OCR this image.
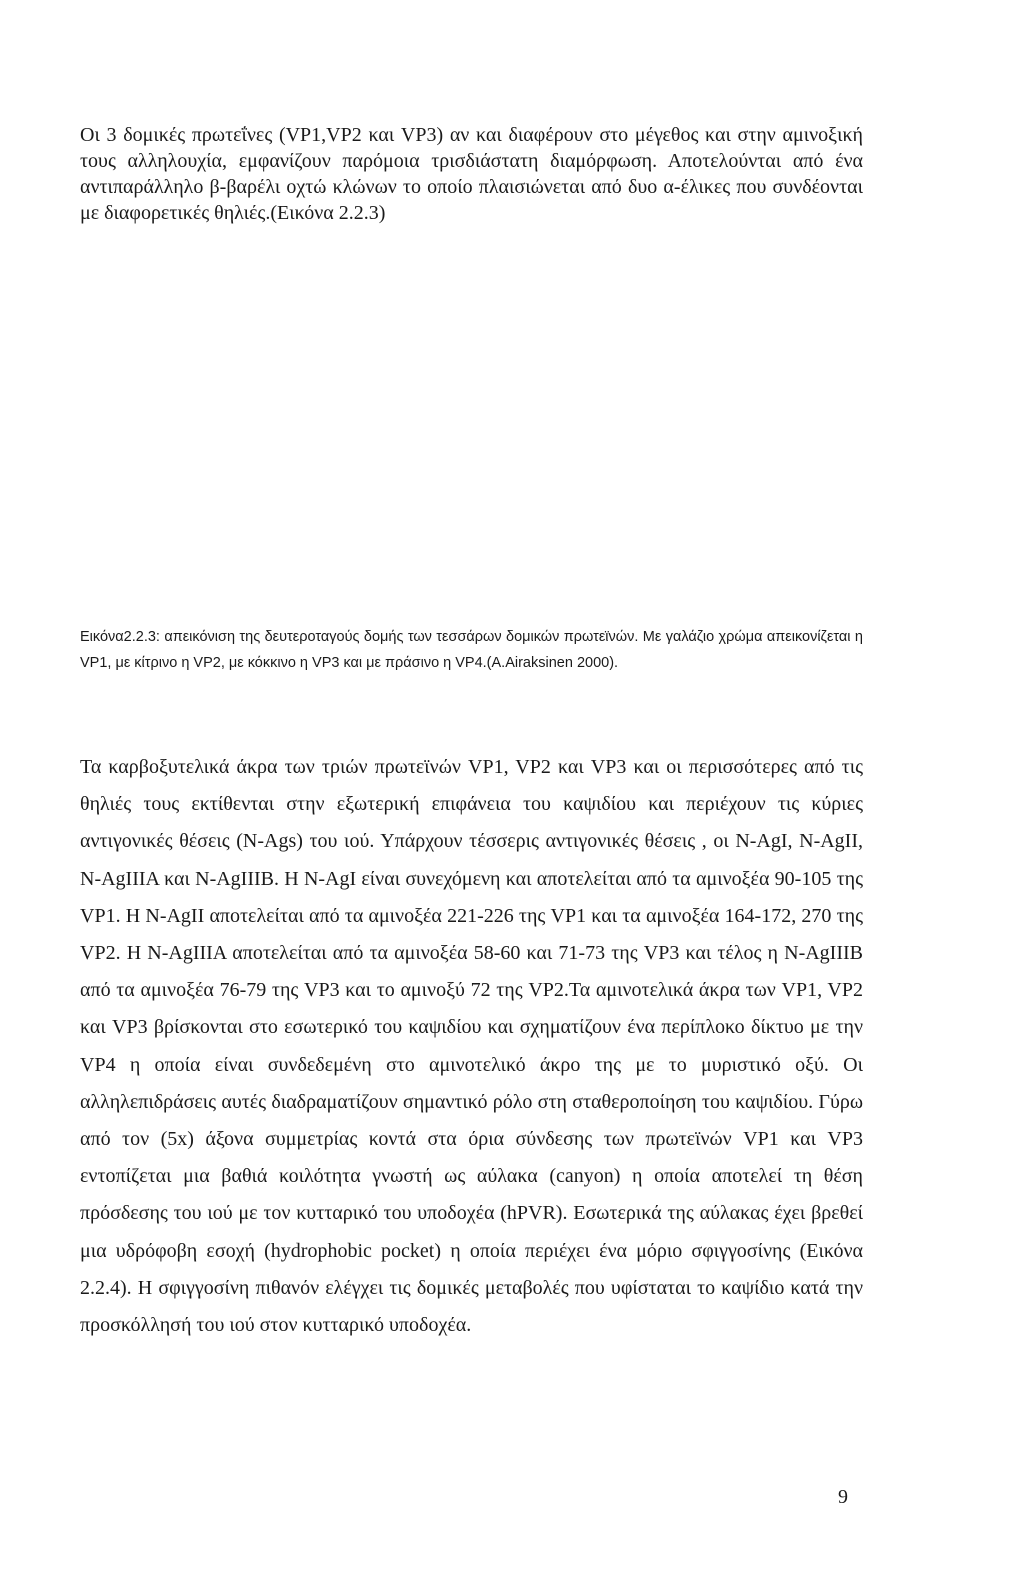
Οι 3 δομικές πρωτεΐνες (VP1,VP2 και VP3) αν και διαφέρουν στο μέγεθος και στην αμινοξική τους αλληλουχία, εμφανίζουν παρόμοια τρισδιάστατη διαμόρφωση. Αποτελούνται από ένα αντιπαράλληλο β-βαρέλι οχτώ κλώνων το οποίο πλαισιώνεται από δυο α-έλικες που συνδέονται με διαφορετικές θηλιές.(Εικόνα 2.2.3)

Εικόνα2.2.3: απεικόνιση της δευτεροταγούς δομής των τεσσάρων δομικών πρωτεϊνών. Με γαλάζιο χρώμα απεικονίζεται η VP1, με κίτρινο η VP2, με κόκκινο η VP3 και με πράσινο η VP4.(A.Airaksinen 2000).

Τα καρβοξυτελικά άκρα των τριών πρωτεϊνών VP1, VP2 και VP3 και οι περισσότερες από τις θηλιές τους εκτίθενται στην εξωτερική επιφάνεια του καψιδίου και περιέχουν τις κύριες αντιγονικές θέσεις (N-Ags) του ιού. Υπάρχουν τέσσερις αντιγονικές θέσεις , οι N-AgI, N-AgII, N-AgIIIA και N-AgIIIB. Η N-AgI είναι συνεχόμενη και αποτελείται από τα αμινοξέα 90-105 της VP1. Η N-AgII αποτελείται από τα αμινοξέα 221-226 της VP1 και τα αμινοξέα 164-172, 270 της VP2. Η N-AgIIIA αποτελείται από τα αμινοξέα 58-60 και 71-73 της VP3 και τέλος η N-AgIIIB από τα αμινοξέα 76-79 της VP3 και το αμινοξύ 72 της VP2.Τα αμινοτελικά άκρα των VP1, VP2 και VP3 βρίσκονται στο εσωτερικό του καψιδίου και σχηματίζουν ένα περίπλοκο δίκτυο με την VP4 η οποία είναι συνδεδεμένη στο αμινοτελικό άκρο της με το μυριστικό οξύ. Οι αλληλεπιδράσεις αυτές διαδραματίζουν σημαντικό ρόλο στη σταθεροποίηση του καψιδίου. Γύρω από τον (5x) άξονα συμμετρίας κοντά στα όρια σύνδεσης των πρωτεϊνών VP1 και VP3 εντοπίζεται μια βαθιά κοιλότητα γνωστή ως αύλακα (canyon) η οποία αποτελεί τη θέση πρόσδεσης του ιού με τον κυτταρικό του υποδοχέα (hPVR). Εσωτερικά της αύλακας έχει βρεθεί μια υδρόφοβη εσοχή (hydrophobic pocket) η οποία περιέχει ένα μόριο σφιγγοσίνης (Εικόνα 2.2.4). Η σφιγγοσίνη πιθανόν ελέγχει τις δομικές μεταβολές που υφίσταται το καψίδιο κατά την προσκόλλησή του ιού στον κυτταρικό υποδοχέα.

9
